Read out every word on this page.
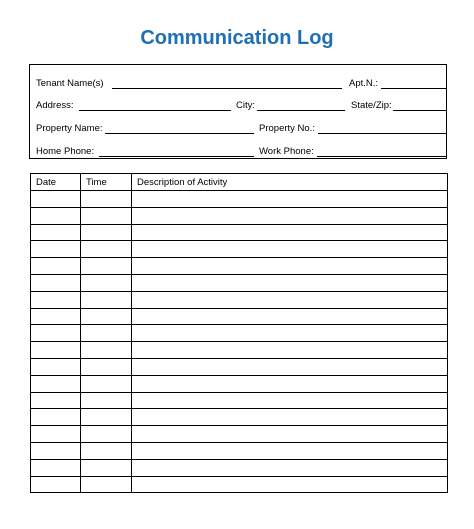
Communication Log
Tenant Name(s)	Apt.N.:
Address:	City:	State/Zip:
Property Name:	Property No.:
Home Phone:	Work Phone:
Date	Time	Description of Activity
